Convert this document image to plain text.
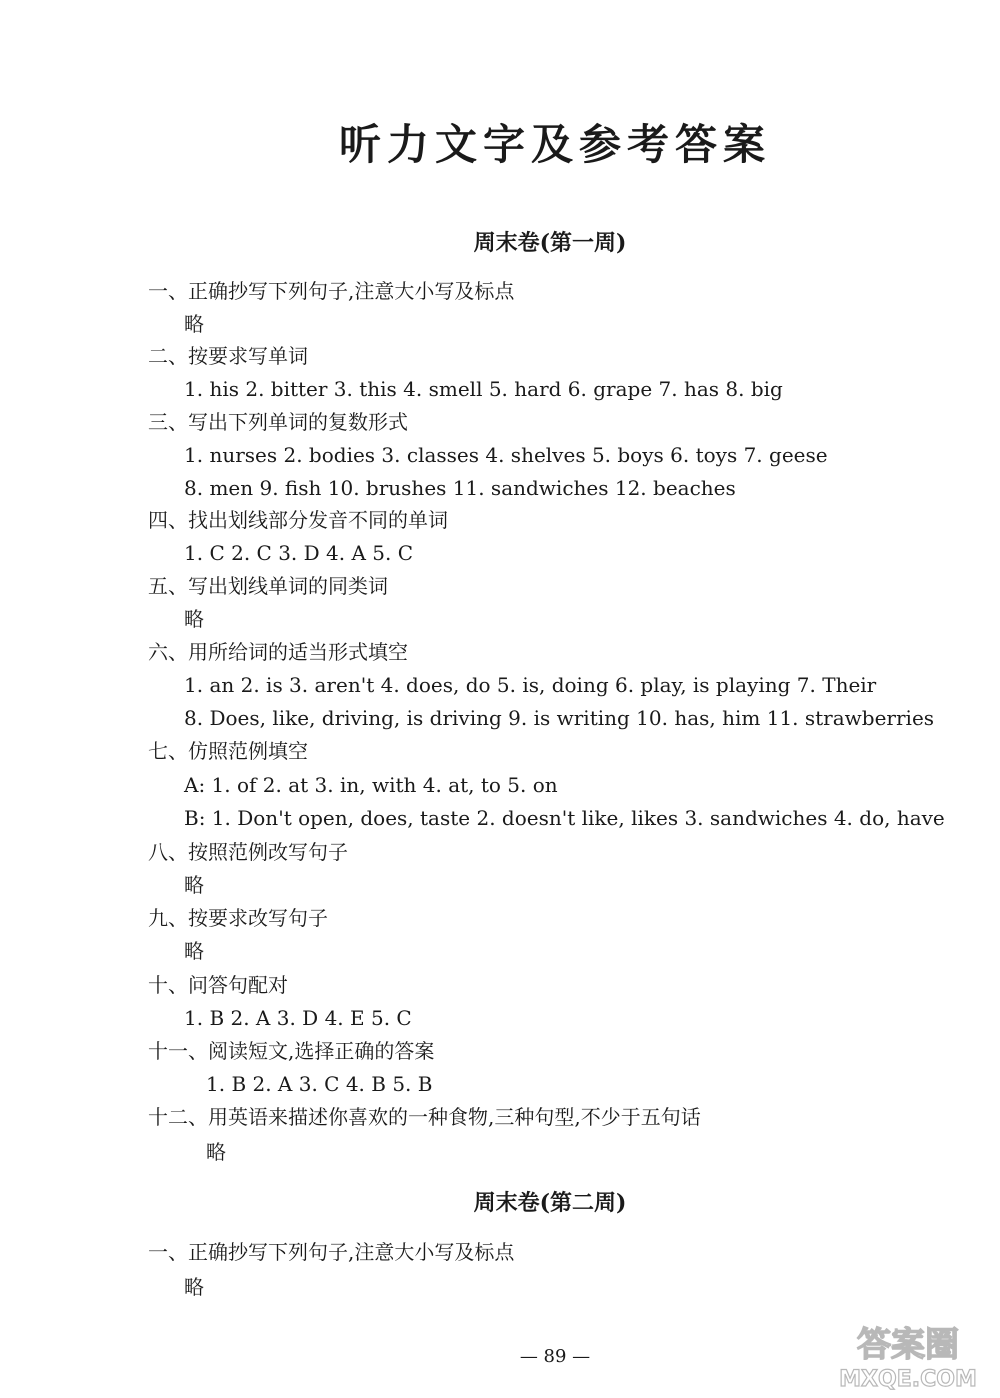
听力文字及参考答案
周末卷(第一周)
一、正确抄写下列句子,注意大小写及标点
略
二、按要求写单词
1. his 2. bitter 3. this 4. smell 5. hard 6. grape 7. has 8. big
三、写出下列单词的复数形式
1. nurses 2. bodies 3. classes 4. shelves 5. boys 6. toys 7. geese
8. men 9. fish 10. brushes 11. sandwiches 12. beaches
四、找出划线部分发音不同的单词
1. C 2. C 3. D 4. A 5. C
五、写出划线单词的同类词
略
六、用所给词的适当形式填空
1. an 2. is 3. aren't 4. does, do 5. is, doing 6. play, is playing 7. Their
8. Does, like, driving, is driving 9. is writing 10. has, him 11. strawberries
七、仿照范例填空
A: 1. of 2. at 3. in, with 4. at, to 5. on
B: 1. Don't open, does, taste 2. doesn't like, likes 3. sandwiches 4. do, have
八、按照范例改写句子
略
九、按要求改写句子
略
十、问答句配对
1. B 2. A 3. D 4. E 5. C
十一、阅读短文,选择正确的答案
1. B 2. A 3. C 4. B 5. B
十二、用英语来描述你喜欢的一种食物,三种句型,不少于五句话
略
周末卷(第二周)
一、正确抄写下列句子,注意大小写及标点
略
— 89 —	答案圈
MXQE.COM
